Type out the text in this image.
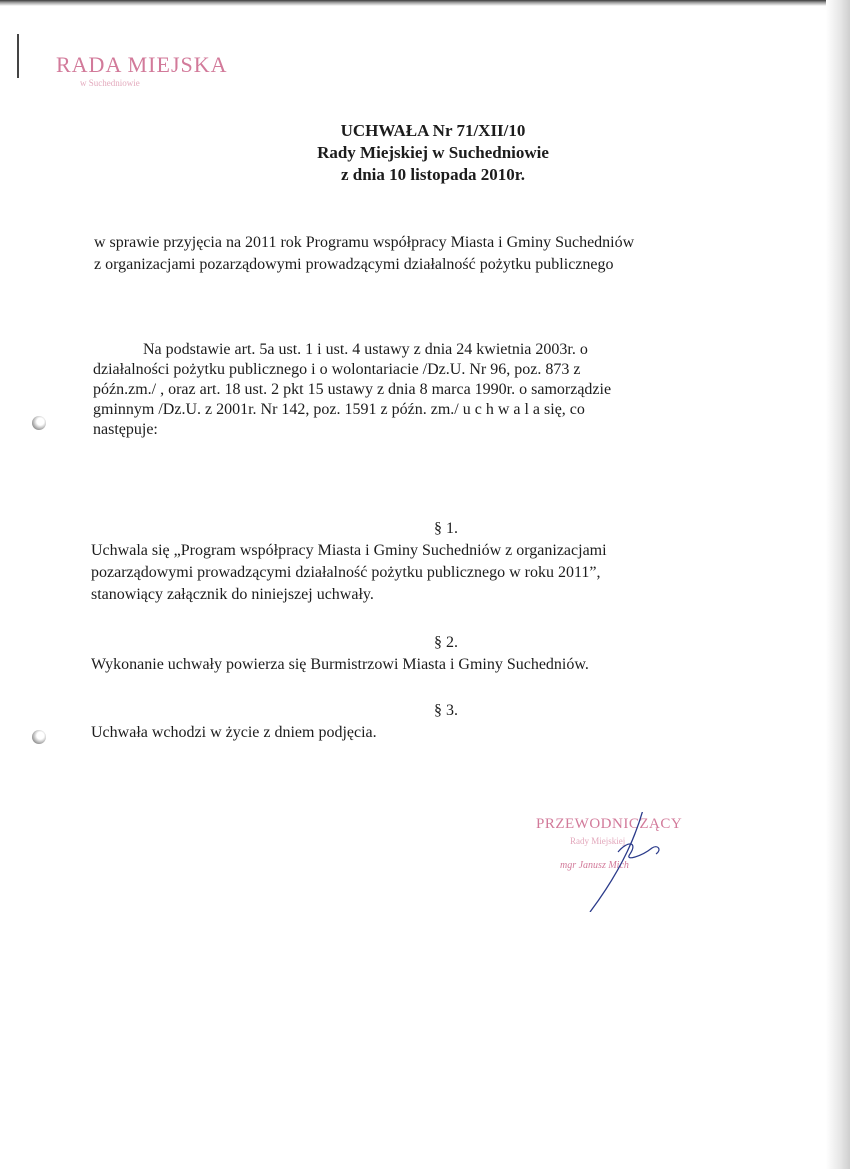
RADA MIEJSKA
w Suchedniowie
UCHWAŁA Nr 71/XII/10
Rady Miejskiej w Suchedniowie
z dnia 10 listopada 2010r.
w sprawie przyjęcia na 2011 rok Programu współpracy Miasta i Gminy Suchedniów
z organizacjami pozarządowymi prowadzącymi działalność pożytku publicznego
Na podstawie art. 5a ust. 1 i ust. 4 ustawy z dnia 24 kwietnia 2003r. o
działalności pożytku publicznego i o wolontariacie /Dz.U. Nr 96, poz. 873 z
późn.zm./ , oraz art. 18 ust. 2 pkt 15 ustawy z dnia 8 marca 1990r. o samorządzie
gminnym /Dz.U. z 2001r. Nr 142, poz. 1591 z późn. zm./ u c h w a l a się, co
następuje:
§ 1.
Uchwala się „Program współpracy Miasta i Gminy Suchedniów z organizacjami
pozarządowymi prowadzącymi działalność pożytku publicznego w roku 2011”,
stanowiący załącznik do niniejszej uchwały.
§ 2.
Wykonanie uchwały powierza się Burmistrzowi Miasta i Gminy Suchedniów.
§ 3.
Uchwała wchodzi w życie z dniem podjęcia.
PRZEWODNICZĄCY
Rady Miejskiej
mgr Janusz Mich
